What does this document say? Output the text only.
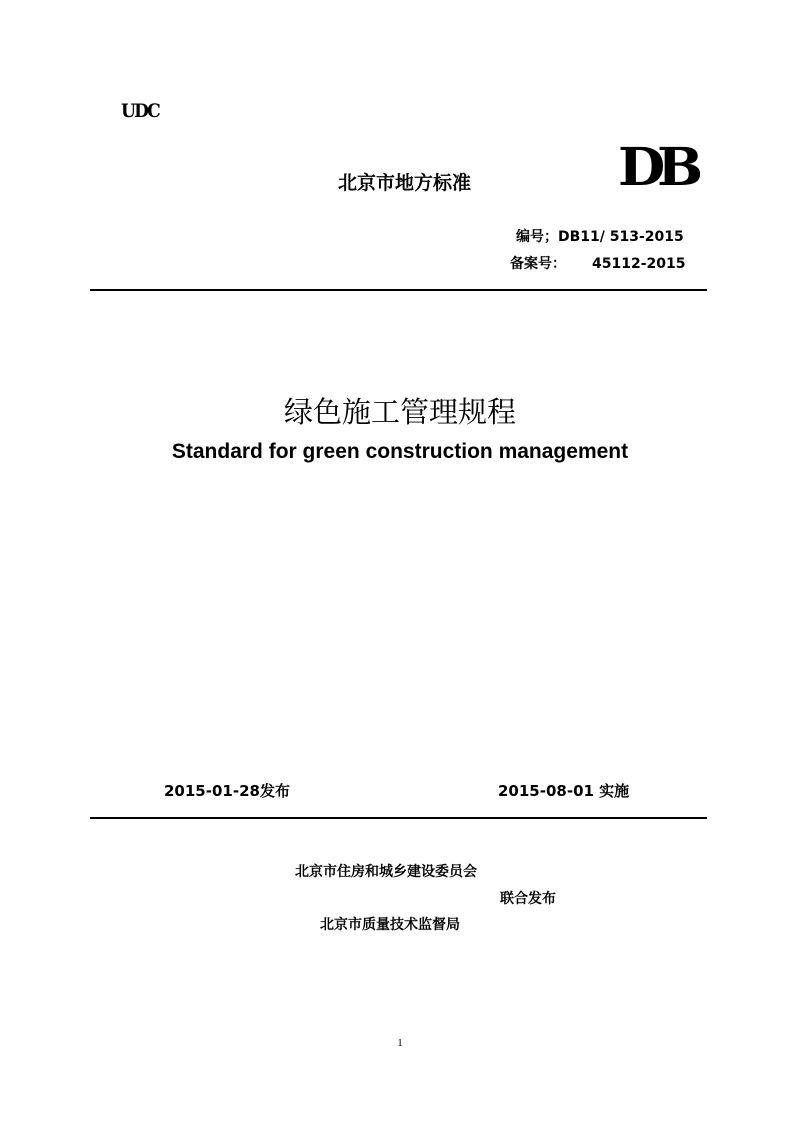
UDC
北京市地方标准	DB
编号；DB11/ 513-2015
备案号： 45112-2015
绿色施工管理规程
Standard for green construction management
2015-01-28发布	2015-08-01 实施
北京市住房和城乡建设委员会
联合发布
北京市质量技术监督局
1
